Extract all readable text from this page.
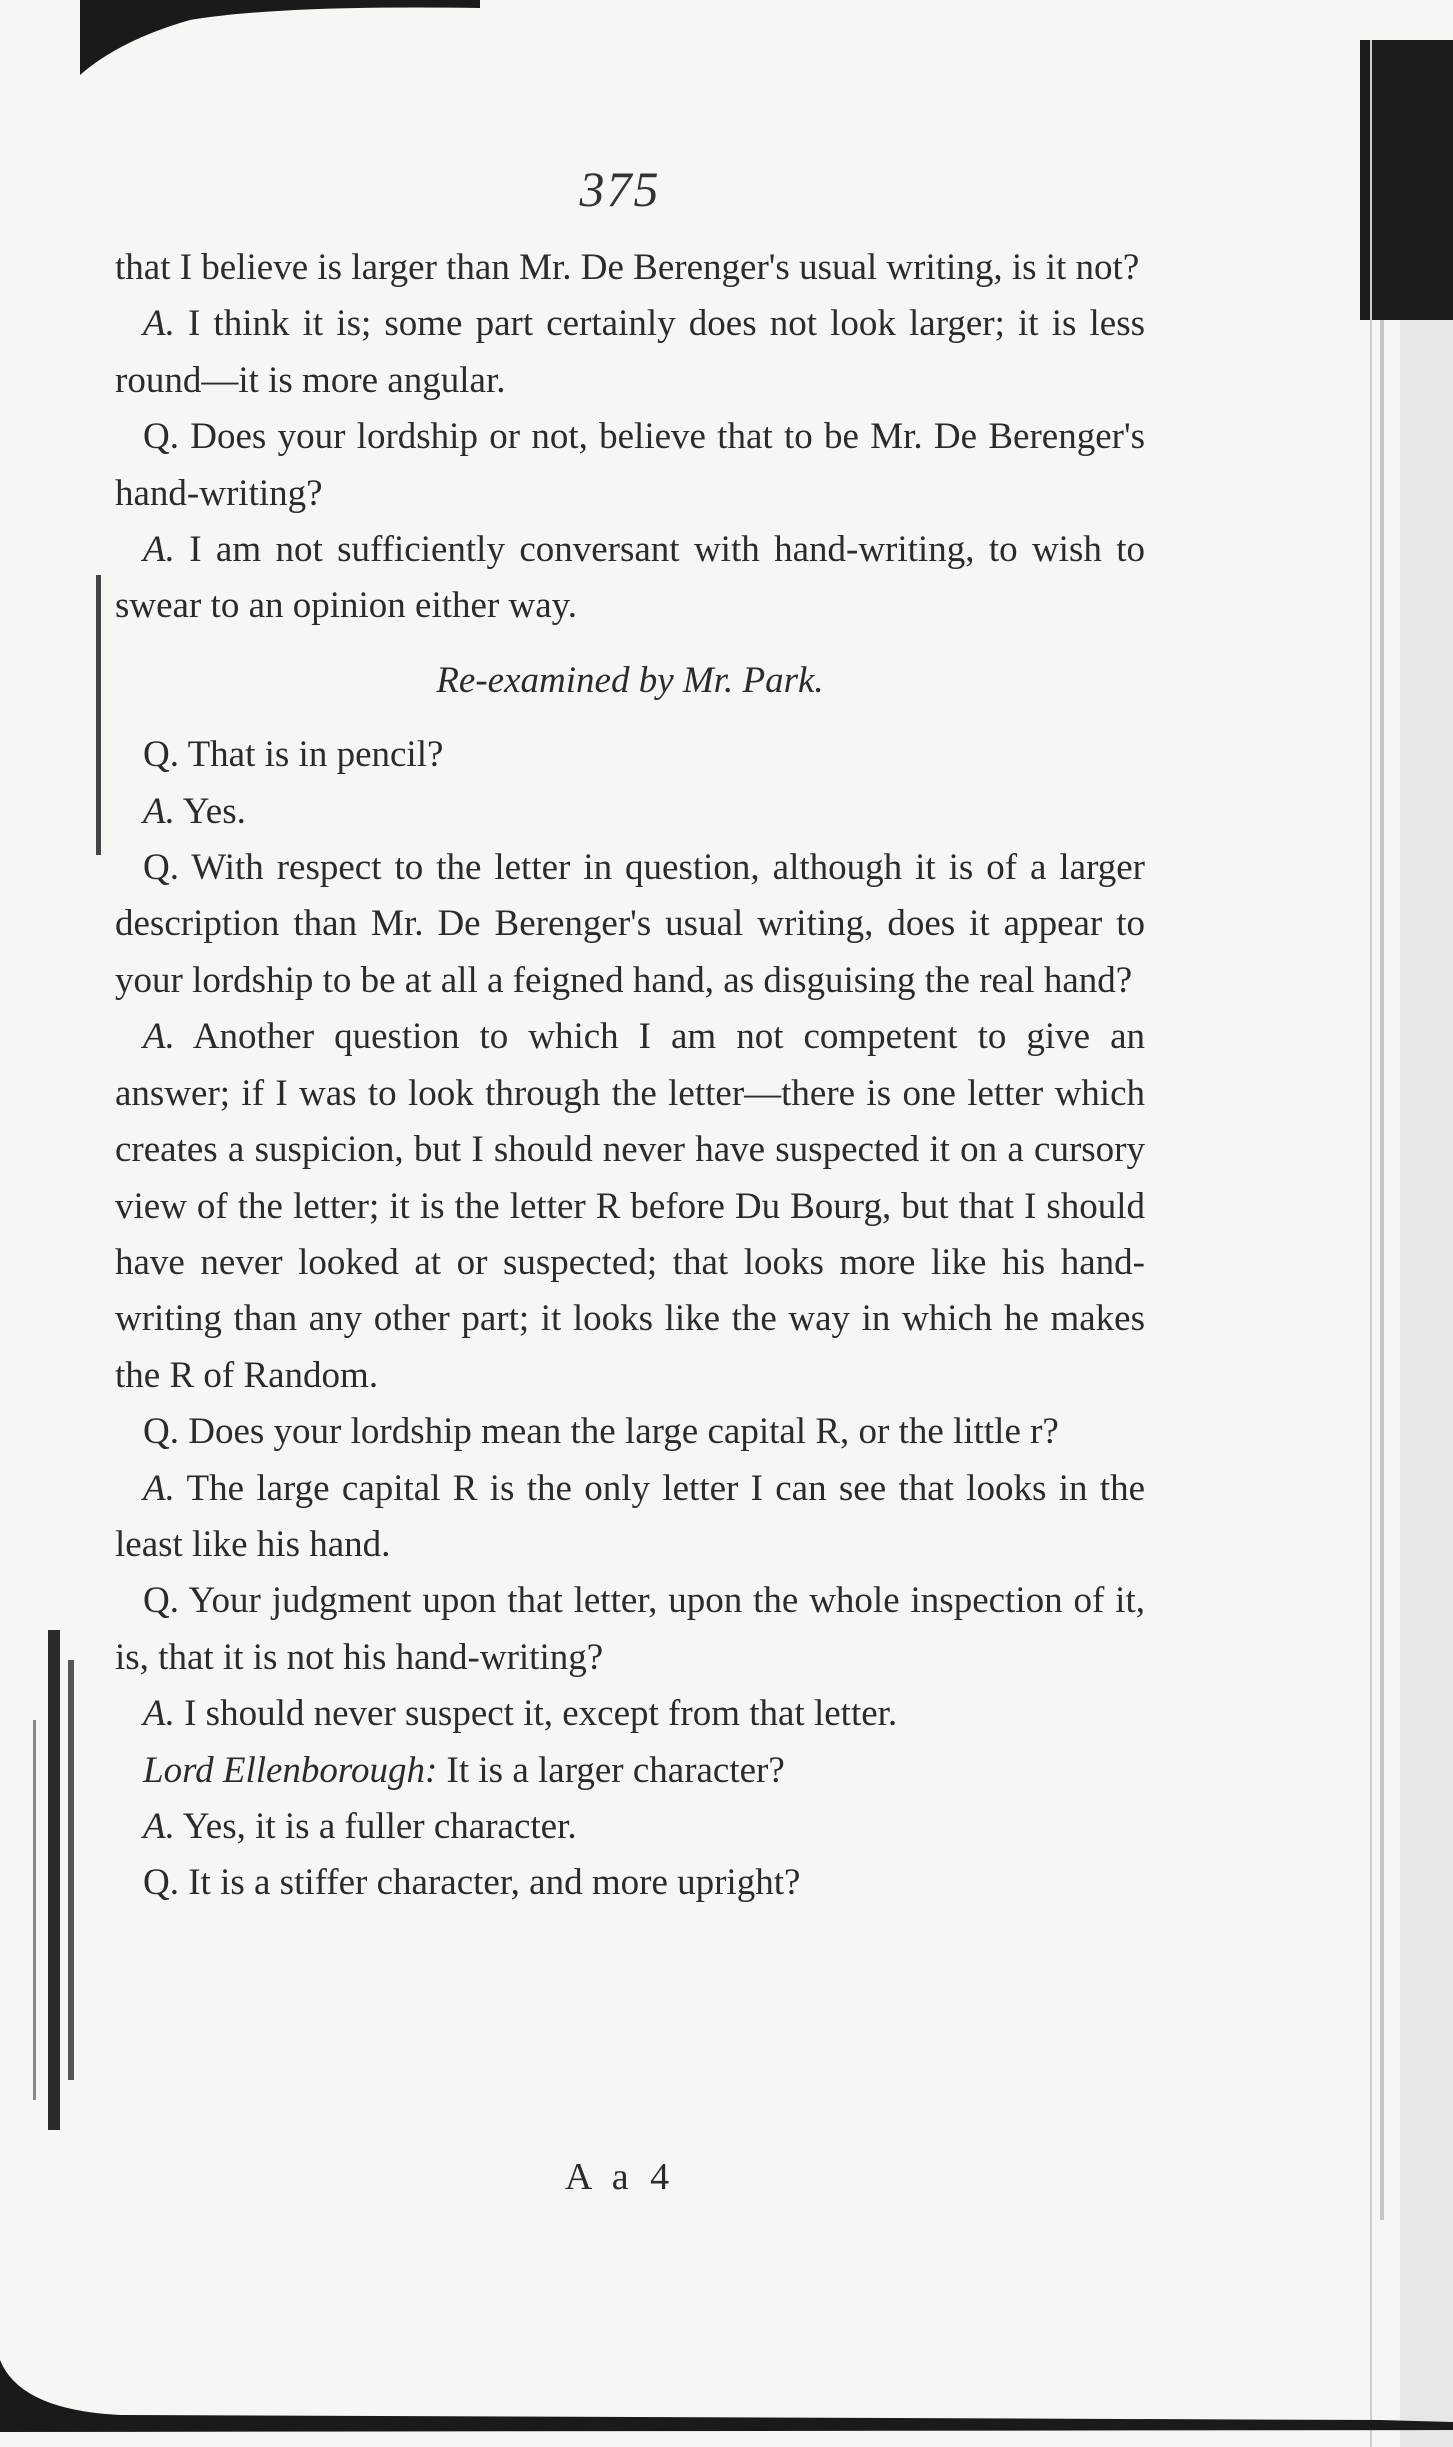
375

that I believe is larger than Mr. De Berenger's usual writing, is it not?

A. I think it is; some part certainly does not look larger; it is less round—it is more angular.

Q. Does your lordship or not, believe that to be Mr. De Berenger's hand-writing?

A. I am not sufficiently conversant with hand-writing, to wish to swear to an opinion either way.

Re-examined by Mr. Park.

Q. That is in pencil?

A. Yes.

Q. With respect to the letter in question, although it is of a larger description than Mr. De Berenger's usual writing, does it appear to your lordship to be at all a feigned hand, as disguising the real hand?

A. Another question to which I am not competent to give an answer; if I was to look through the letter—there is one letter which creates a suspicion, but I should never have suspected it on a cursory view of the letter; it is the letter R before Du Bourg, but that I should have never looked at or suspected; that looks more like his hand-writing than any other part; it looks like the way in which he makes the R of Random.

Q. Does your lordship mean the large capital R, or the little r?

A. The large capital R is the only letter I can see that looks in the least like his hand.

Q. Your judgment upon that letter, upon the whole inspection of it, is, that it is not his hand-writing?

A. I should never suspect it, except from that letter.

Lord Ellenborough: It is a larger character?

A. Yes, it is a fuller character.

Q. It is a stiffer character, and more upright?

A a 4
